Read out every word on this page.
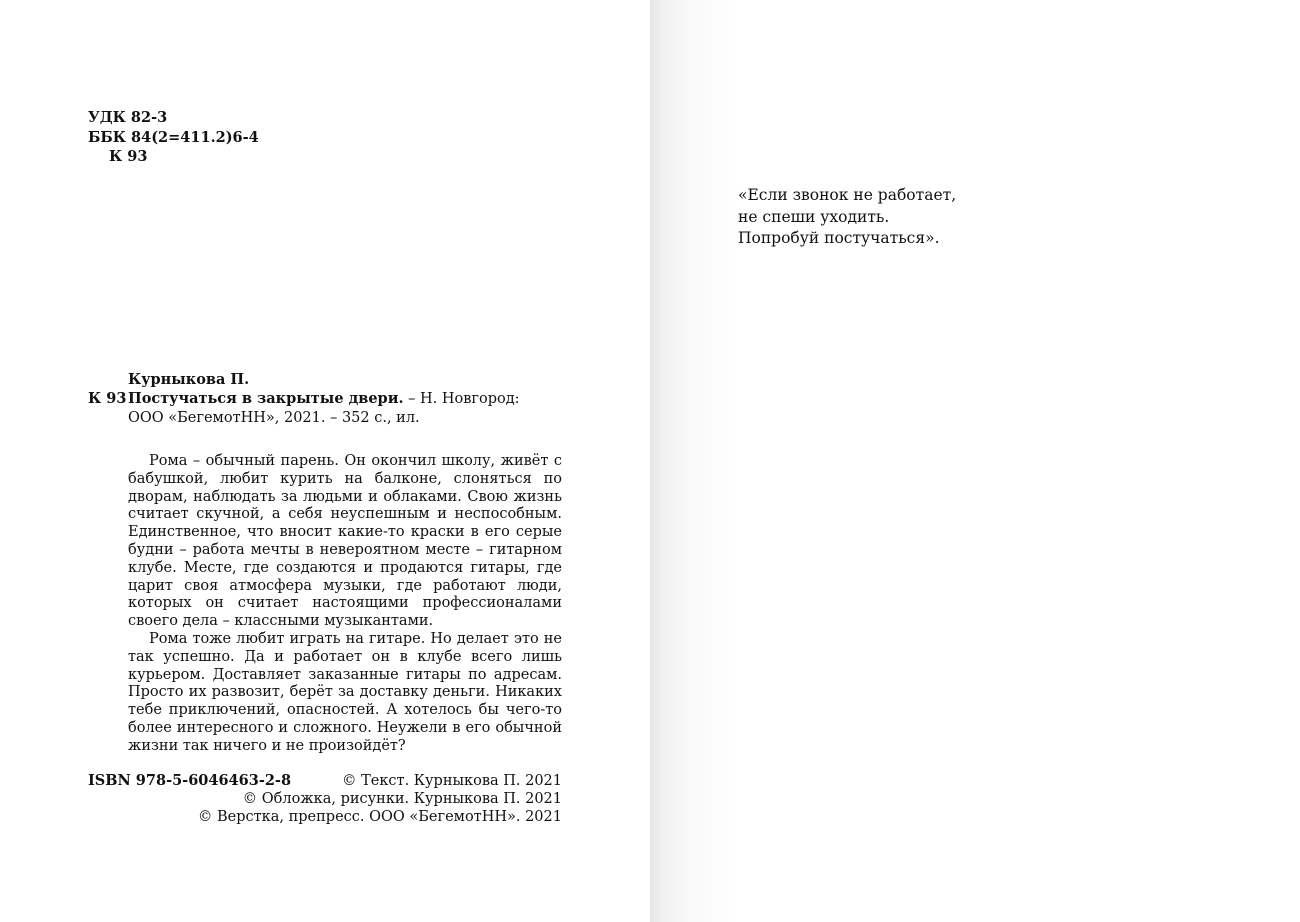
УДК 82-3
ББК 84(2=411.2)6-4
К 93
Курныкова П.
К 93 Постучаться в закрытые двери. – Н. Новгород:
ООО «БегемотНН», 2021. – 352 с., ил.

Рома – обычный парень. Он окончил школу, живёт с бабушкой, любит курить на балконе, слоняться по дворам, наблюдать за людьми и облаками. Свою жизнь считает скучной, а себя неуспешным и неспособным. Единственное, что вносит какие-то краски в его серые будни – работа мечты в невероятном месте – гитарном клубе. Месте, где создаются и продаются гитары, где царит своя атмосфера музыки, где работают люди, которых он считает настоящими профессионалами своего дела – классными музыкантами.

Рома тоже любит играть на гитаре. Но делает это не так успешно. Да и работает он в клубе всего лишь курьером. Доставляет заказанные гитары по адресам. Просто их развозит, берёт за доставку деньги. Никаких тебе приключений, опасностей. А хотелось бы чего-то более интересного и сложного. Неужели в его обычной жизни так ничего и не произойдёт?

ISBN 978-5-6046463-2-8	© Текст. Курныкова П. 2021
© Обложка, рисунки. Курныкова П. 2021
© Верстка, препресс. ООО «БегемотНН». 2021
«Если звонок не работает,
не спеши уходить.
Попробуй постучаться».
